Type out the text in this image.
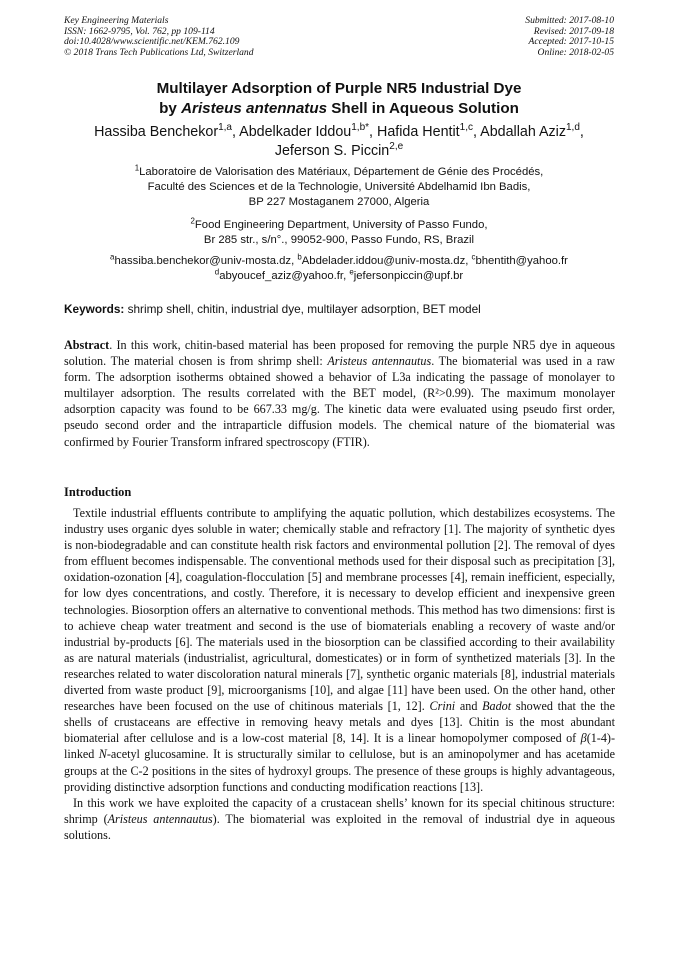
Key Engineering Materials
ISSN: 1662-9795, Vol. 762, pp 109-114
doi:10.4028/www.scientific.net/KEM.762.109
© 2018 Trans Tech Publications Ltd, Switzerland
Submitted: 2017-08-10
Revised: 2017-09-18
Accepted: 2017-10-15
Online: 2018-02-05
Multilayer Adsorption of Purple NR5 Industrial Dye
by Aristeus antennatus Shell in Aqueous Solution
Hassiba Benchekor$^{1,a}$, Abdelkader Iddou$^{1,b*}$, Hafida Hentit$^{1,c}$, Abdallah Aziz$^{1,d}$,
Jeferson S. Piccin$^{2,e}$
$^1$Laboratoire de Valorisation des Matériaux, Département de Génie des Procédés,
Faculté des Sciences et de la Technologie, Université Abdelhamid Ibn Badis,
BP 227 Mostaganem 27000, Algeria
$^2$Food Engineering Department, University of Passo Fundo,
Br 285 str., s/n°., 99052-900, Passo Fundo, RS, Brazil
$^a$hassiba.benchekor@univ-mosta.dz, $^b$Abdelader.iddou@univ-mosta.dz, $^c$bhentith@yahoo.fr
$^d$abyoucef_aziz@yahoo.fr, $^e$jefersonpiccin@upf.br
Keywords: shrimp shell, chitin, industrial dye, multilayer adsorption, BET model
Abstract. In this work, chitin-based material has been proposed for removing the purple NR5 dye in aqueous solution. The material chosen is from shrimp shell: Aristeus antennautus. The biomaterial was used in a raw form. The adsorption isotherms obtained showed a behavior of L3a indicating the passage of monolayer to multilayer adsorption. The results correlated with the BET model, (R²>0.99). The maximum monolayer adsorption capacity was found to be 667.33 mg/g. The kinetic data were evaluated using pseudo first order, pseudo second order and the intraparticle diffusion models. The chemical nature of the biomaterial was confirmed by Fourier Transform infrared spectroscopy (FTIR).
Introduction

Textile industrial effluents contribute to amplifying the aquatic pollution, which destabilizes ecosystems. The industry uses organic dyes soluble in water; chemically stable and refractory [1]. The majority of synthetic dyes is non-biodegradable and can constitute health risk factors and environmental pollution [2]. The removal of dyes from effluent becomes indispensable. The conventional methods used for their disposal such as precipitation [3], oxidation-ozonation [4], coagulation-flocculation [5] and membrane processes [4], remain inefficient, especially, for low dyes concentrations, and costly. Therefore, it is necessary to develop efficient and inexpensive green technologies. Biosorption offers an alternative to conventional methods. This method has two dimensions: first is to achieve cheap water treatment and second is the use of biomaterials enabling a recovery of waste and/or industrial by-products [6]. The materials used in the biosorption can be classified according to their availability as are natural materials (industrialist, agricultural, domesticates) or in form of synthetized materials [3]. In the researches related to water discoloration natural minerals [7], synthetic organic materials [8], industrial materials diverted from waste product [9], microorganisms [10], and algae [11] have been used. On the other hand, other researches have been focused on the use of chitinous materials [1, 12]. Crini and Badot showed that the the shells of crustaceans are effective in removing heavy metals and dyes [13]. Chitin is the most abundant biomaterial after cellulose and is a low-cost material [8, 14]. It is a linear homopolymer composed of β(1-4)-linked N-acetyl glucosamine. It is structurally similar to cellulose, but is an aminopolymer and has acetamide groups at the C-2 positions in the sites of hydroxyl groups. The presence of these groups is highly advantageous, providing distinctive adsorption functions and conducting modification reactions [13].

In this work we have exploited the capacity of a crustacean shells’ known for its special chitinous structure: shrimp (Aristeus antennautus). The biomaterial was exploited in the removal of industrial dye in aqueous solutions.
